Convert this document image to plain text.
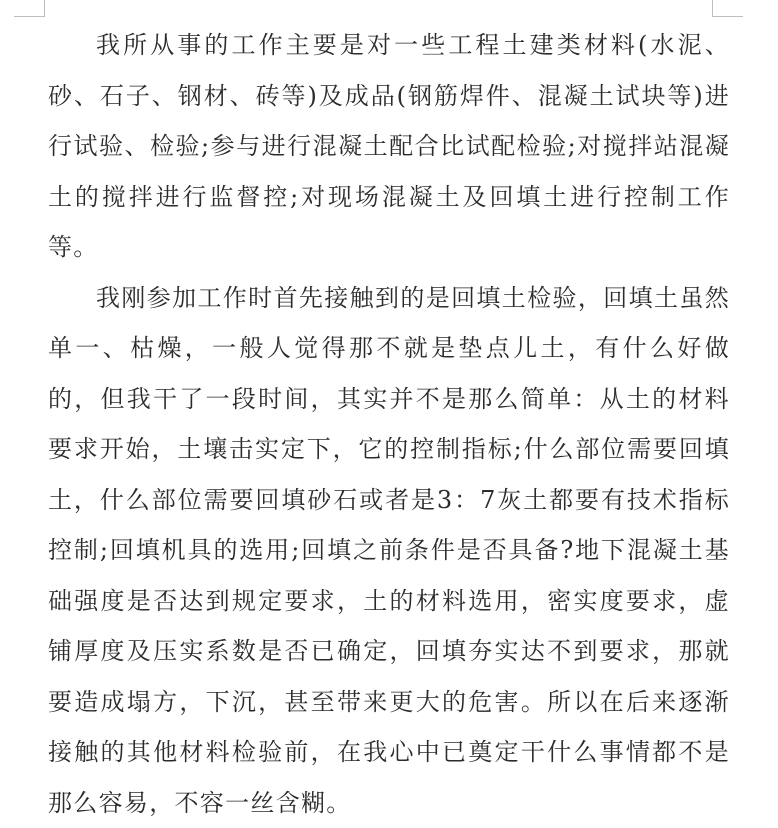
我所从事的工作主要是对一些工程土建类材料(水泥、砂、石子、钢材、砖等)及成品(钢筋焊件、混凝土试块等)进行试验、检验;参与进行混凝土配合比试配检验;对搅拌站混凝土的搅拌进行监督控;对现场混凝土及回填土进行控制工作等。

我刚参加工作时首先接触到的是回填土检验，回填土虽然单一、枯燥，一般人觉得那不就是垫点儿土，有什么好做的，但我干了一段时间，其实并不是那么简单：从土的材料要求开始，土壤击实定下，它的控制指标;什么部位需要回填土，什么部位需要回填砂石或者是3：7灰土都要有技术指标控制;回填机具的选用;回填之前条件是否具备?地下混凝土基础强度是否达到规定要求，土的材料选用，密实度要求，虚铺厚度及压实系数是否已确定，回填夯实达不到要求，那就要造成塌方，下沉，甚至带来更大的危害。所以在后来逐渐接触的其他材料检验前，在我心中已奠定干什么事情都不是那么容易，不容一丝含糊。
